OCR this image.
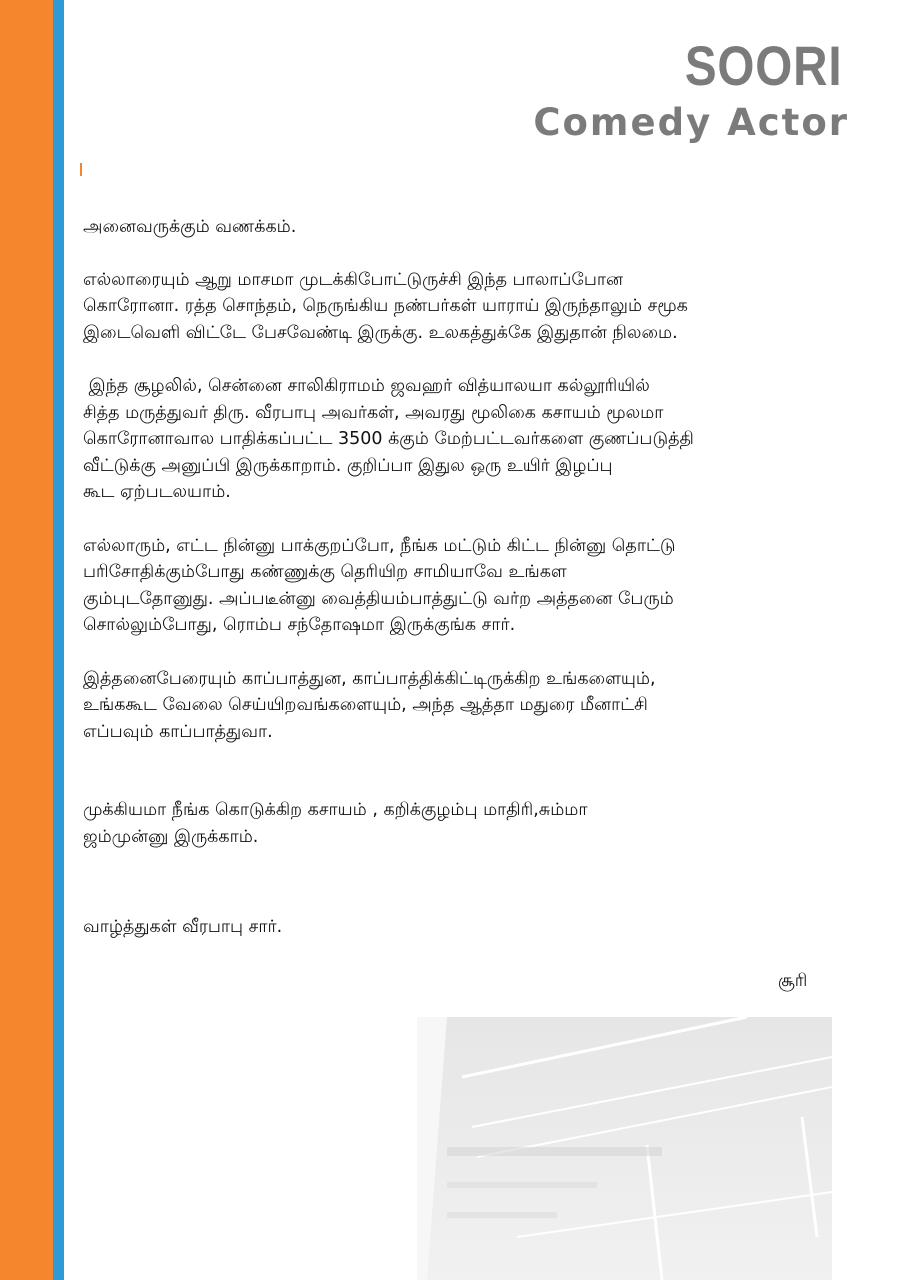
SOORI
Comedy Actor

அனைவருக்கும் வணக்கம்.

எல்லாரையும் ஆறு மாசமா முடக்கிபோட்டுருச்சி இந்த பாலாப்போன
கொரோனா. ரத்த சொந்தம், நெருங்கிய நண்பர்கள் யாராய் இருந்தாலும் சமூக
இடைவெளி விட்டே பேசவேண்டி இருக்கு. உலகத்துக்கே இதுதான் நிலமை.

இந்த சூழலில், சென்னை சாலிகிராமம் ஜவஹர் வித்யாலயா கல்லூரியில்
சித்த மருத்துவர் திரு. வீரபாபு அவர்கள், அவரது மூலிகை கசாயம் மூலமா
கொரோனாவால பாதிக்கப்பட்ட 3500 க்கும் மேற்பட்டவர்களை குணப்படுத்தி
வீட்டுக்கு அனுப்பி இருக்காறாம். குறிப்பா இதுல ஒரு உயிர் இழப்பு
கூட ஏற்படலயாம்.

எல்லாரும், எட்ட நின்னு பாக்குறப்போ, நீங்க மட்டும் கிட்ட நின்னு தொட்டு
பரிசோதிக்கும்போது கண்ணுக்கு தெரியிற சாமியாவே உங்கள
கும்புடதோனுது. அப்படீன்னு வைத்தியம்பாத்துட்டு வர்ற அத்தனை பேரும்
சொல்லும்போது, ரொம்ப சந்தோஷமா இருக்குங்க சார்.

இத்தனைபேரையும் காப்பாத்துன, காப்பாத்திக்கிட்டிருக்கிற உங்களையும்,
உங்ககூட வேலை செய்யிறவங்களையும், அந்த ஆத்தா மதுரை மீனாட்சி
எப்பவும் காப்பாத்துவா.

முக்கியமா நீங்க கொடுக்கிற கசாயம் , கறிக்குழம்பு மாதிரி,சும்மா
ஜம்முன்னு இருக்காம்.

வாழ்த்துகள் வீரபாபு சார்.
சூரி
